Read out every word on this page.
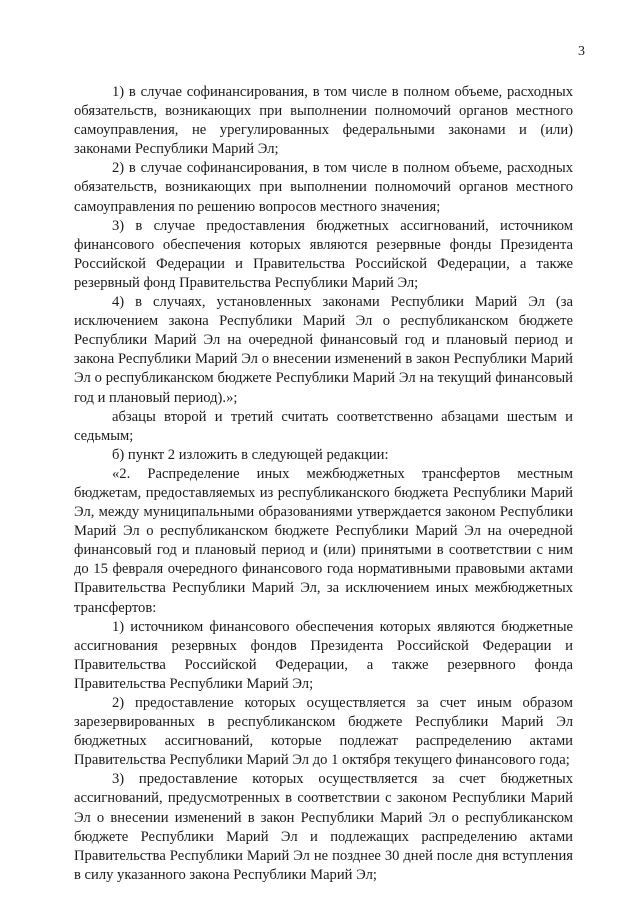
3

1) в случае софинансирования, в том числе в полном объеме, расходных обязательств, возникающих при выполнении полномочий органов местного самоуправления, не урегулированных федеральными законами и (или) законами Республики Марий Эл;

2) в случае софинансирования, в том числе в полном объеме, расходных обязательств, возникающих при выполнении полномочий органов местного самоуправления по решению вопросов местного значения;

3) в случае предоставления бюджетных ассигнований, источником финансового обеспечения которых являются резервные фонды Президента Российской Федерации и Правительства Российской Федерации, а также резервный фонд Правительства Республики Марий Эл;

4) в случаях, установленных законами Республики Марий Эл (за исключением закона Республики Марий Эл о республиканском бюджете Республики Марий Эл на очередной финансовый год и плановый период и закона Республики Марий Эл о внесении изменений в закон Республики Марий Эл о республиканском бюджете Республики Марий Эл на текущий финансовый год и плановый период).»;

абзацы второй и третий считать соответственно абзацами шестым и седьмым;

б) пункт 2 изложить в следующей редакции:

«2. Распределение иных межбюджетных трансфертов местным бюджетам, предоставляемых из республиканского бюджета Республики Марий Эл, между муниципальными образованиями утверждается законом Республики Марий Эл о республиканском бюджете Республики Марий Эл на очередной финансовый год и плановый период и (или) принятыми в соответствии с ним до 15 февраля очередного финансового года нормативными правовыми актами Правительства Республики Марий Эл, за исключением иных межбюджетных трансфертов:

1) источником финансового обеспечения которых являются бюджетные ассигнования резервных фондов Президента Российской Федерации и Правительства Российской Федерации, а также резервного фонда Правительства Республики Марий Эл;

2) предоставление которых осуществляется за счет иным образом зарезервированных в республиканском бюджете Республики Марий Эл бюджетных ассигнований, которые подлежат распределению актами Правительства Республики Марий Эл до 1 октября текущего финансового года;

3) предоставление которых осуществляется за счет бюджетных ассигнований, предусмотренных в соответствии с законом Республики Марий Эл о внесении изменений в закон Республики Марий Эл о республиканском бюджете Республики Марий Эл и подлежащих распределению актами Правительства Республики Марий Эл не позднее 30 дней после дня вступления в силу указанного закона Республики Марий Эл;
